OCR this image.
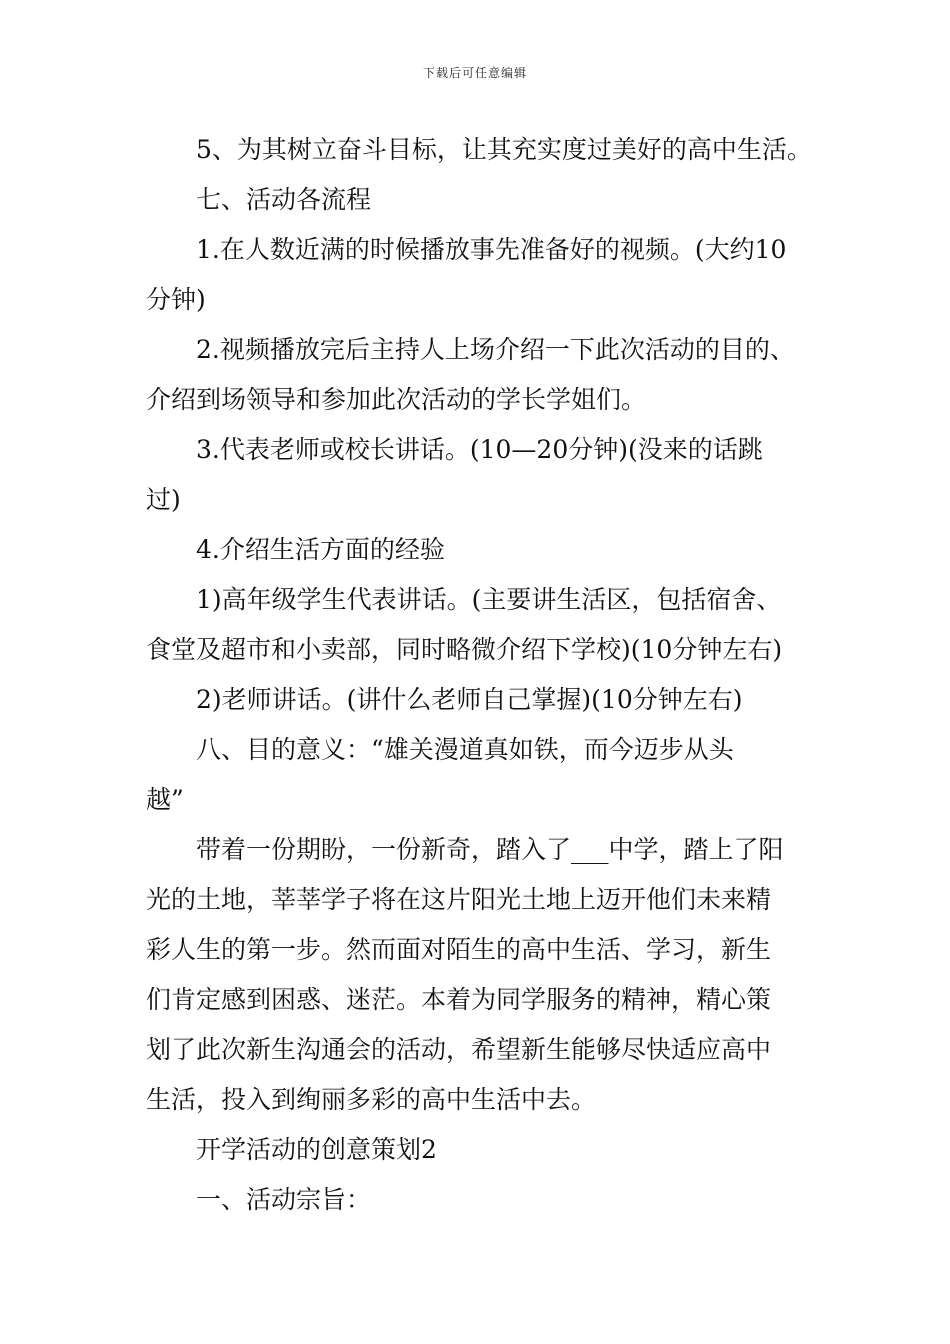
下载后可任意编辑
5、为其树立奋斗目标，让其充实度过美好的高中生活。
七、活动各流程
1.在人数近满的时候播放事先准备好的视频。(大约10
分钟)
2.视频播放完后主持人上场介绍一下此次活动的目的、
介绍到场领导和参加此次活动的学长学姐们。
3.代表老师或校长讲话。(10—20分钟)(没来的话跳
过)
4.介绍生活方面的经验
1)高年级学生代表讲话。(主要讲生活区，包括宿舍、
食堂及超市和小卖部，同时略微介绍下学校)(10分钟左右)
2)老师讲话。(讲什么老师自己掌握)(10分钟左右)
八、目的意义：“雄关漫道真如铁，而今迈步从头
越”
带着一份期盼，一份新奇，踏入了___中学，踏上了阳
光的土地，莘莘学子将在这片阳光土地上迈开他们未来精
彩人生的第一步。然而面对陌生的高中生活、学习，新生
们肯定感到困惑、迷茫。本着为同学服务的精神，精心策
划了此次新生沟通会的活动，希望新生能够尽快适应高中
生活，投入到绚丽多彩的高中生活中去。
开学活动的创意策划2
一、活动宗旨：
